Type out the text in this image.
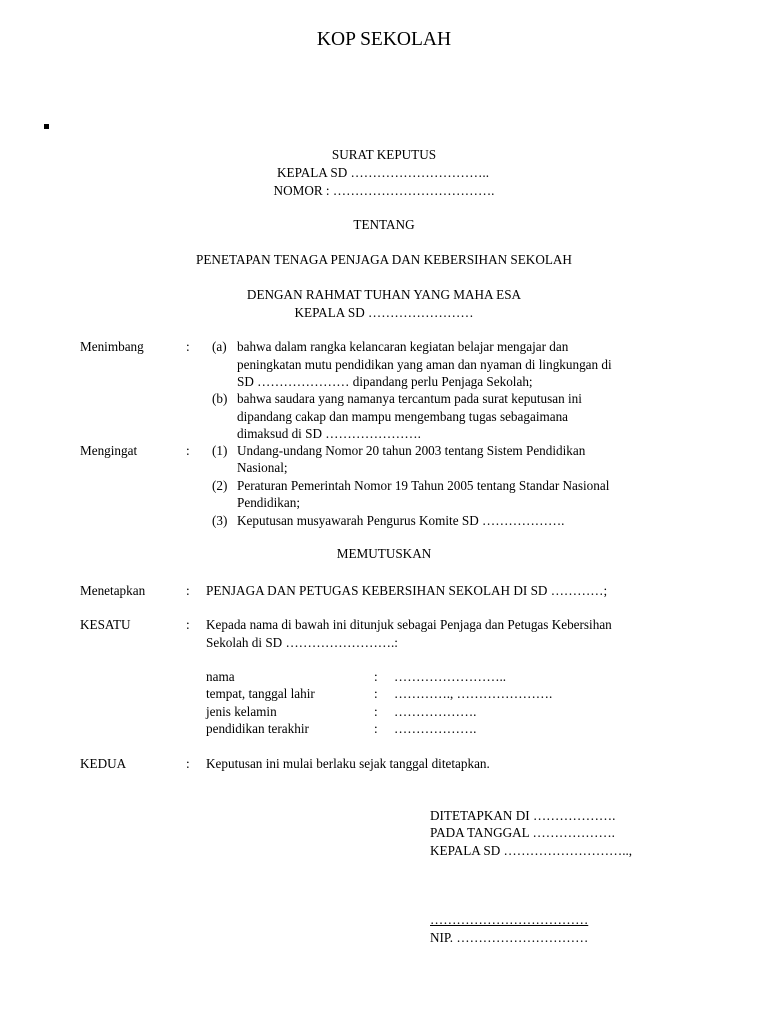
KOP SEKOLAH
SURAT KEPUTUS
KEPALA SD …………………………..
NOMOR : ……………………………….
TENTANG
PENETAPAN TENAGA PENJAGA DAN KEBERSIHAN SEKOLAH
DENGAN RAHMAT TUHAN YANG MAHA ESA
KEPALA SD ……………………
Menimbang	: (a) bahwa dalam rangka kelancaran kegiatan belajar mengajar dan
peningkatan mutu pendidikan yang aman dan nyaman di lingkungan di
SD ………………… dipandang perlu Penjaga Sekolah;
(b) bahwa saudara yang namanya tercantum pada surat keputusan ini
dipandang cakap dan mampu mengembang tugas sebagaimana
dimaksud di SD ………………….
Mengingat	: (1) Undang-undang Nomor 20 tahun 2003 tentang Sistem Pendidikan
Nasional;
(2) Peraturan Pemerintah Nomor 19 Tahun 2005 tentang Standar Nasional
Pendidikan;
(3) Keputusan musyawarah Pengurus Komite SD ……………….
MEMUTUSKAN
Menetapkan	: PENJAGA DAN PETUGAS KEBERSIHAN SEKOLAH DI SD …………;
KESATU	: Kepada nama di bawah ini ditunjuk sebagai Penjaga dan Petugas Kebersihan
Sekolah di SD …………………….:
nama	: ……………………..
tempat, tanggal lahir	: …………., ………………….
jenis kelamin	: ……………….
pendidikan terakhir	: ……………….
KEDUA	: Keputusan ini mulai berlaku sejak tanggal ditetapkan.
DITETAPKAN DI ……………….
PADA TANGGAL ……………….
KEPALA SD ………………………..,
………………………………
NIP. …………………………
